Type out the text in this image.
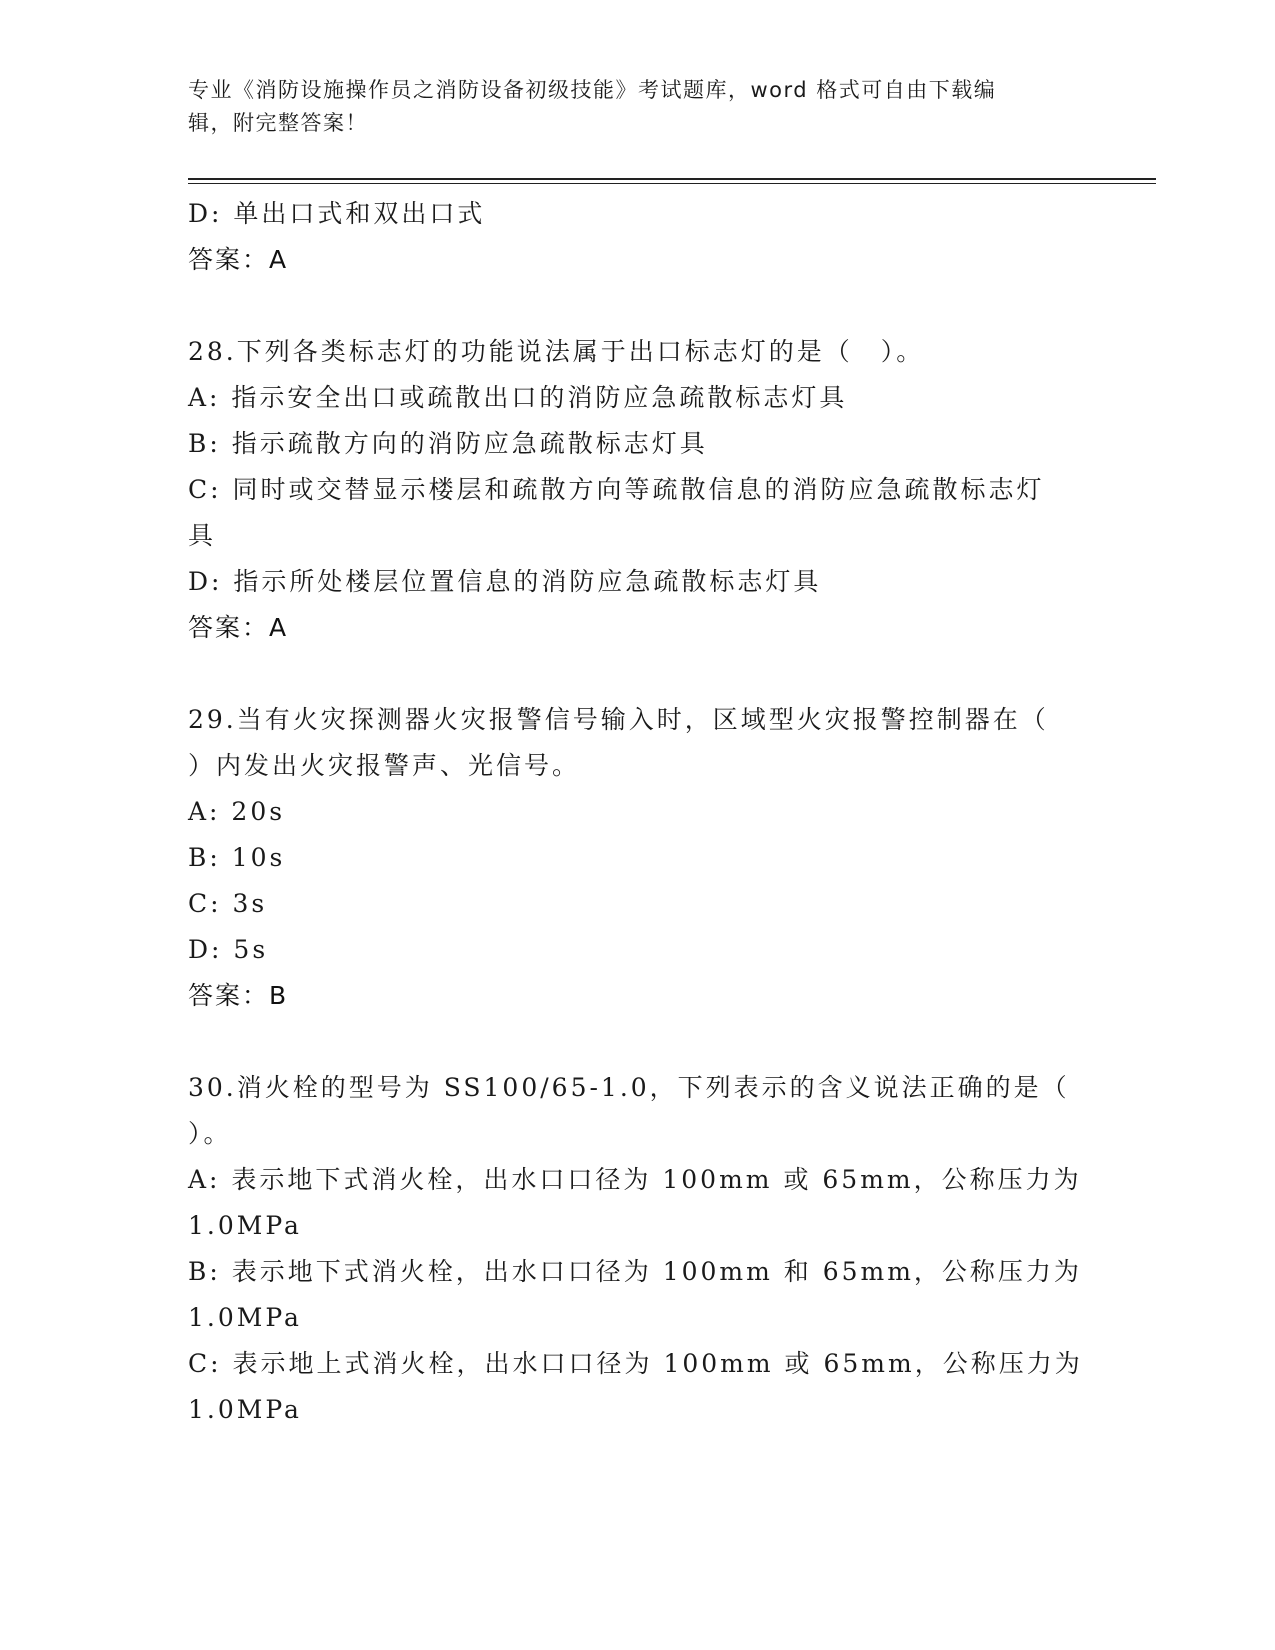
专业《消防设施操作员之消防设备初级技能》考试题库，word 格式可自由下载编
辑，附完整答案！
D: 单出口式和双出口式
答案：A
28.下列各类标志灯的功能说法属于出口标志灯的是（　）。
A: 指示安全出口或疏散出口的消防应急疏散标志灯具
B: 指示疏散方向的消防应急疏散标志灯具
C: 同时或交替显示楼层和疏散方向等疏散信息的消防应急疏散标志灯
具
D: 指示所处楼层位置信息的消防应急疏散标志灯具
答案：A
29.当有火灾探测器火灾报警信号输入时，区域型火灾报警控制器在（
）内发出火灾报警声、光信号。
A: 20s
B: 10s
C: 3s
D: 5s
答案：B
30.消火栓的型号为 SS100/65-1.0，下列表示的含义说法正确的是（
）。
A: 表示地下式消火栓，出水口口径为 100mm 或 65mm，公称压力为
1.0MPa
B: 表示地下式消火栓，出水口口径为 100mm 和 65mm，公称压力为
1.0MPa
C: 表示地上式消火栓，出水口口径为 100mm 或 65mm，公称压力为
1.0MPa
